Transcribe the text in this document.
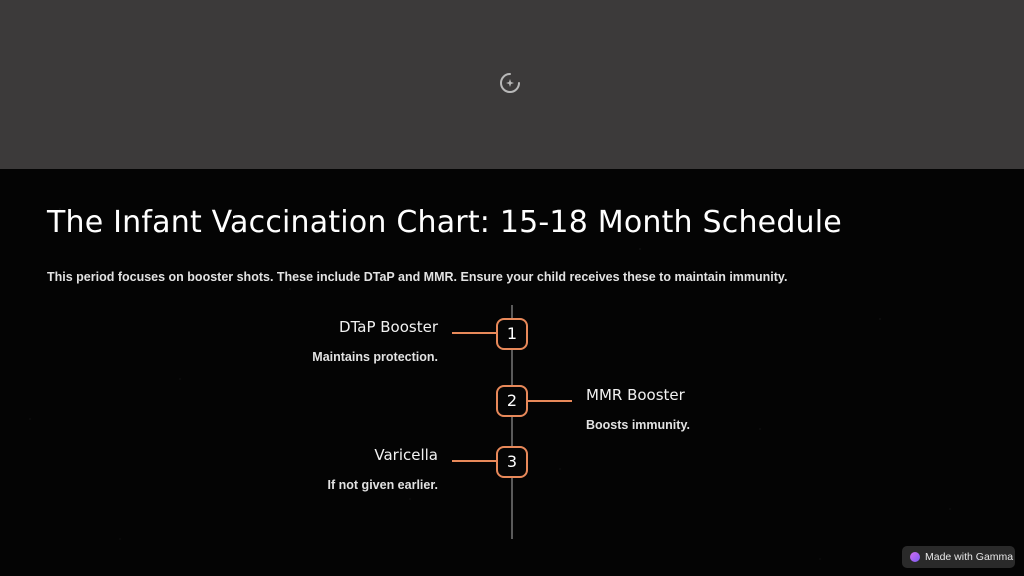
The Infant Vaccination Chart: 15-18 Month Schedule

This period focuses on booster shots. These include DTaP and MMR. Ensure your child receives these to maintain immunity.

DTaP Booster

Maintains protection.

1
2	MMR Booster

Boosts immunity.

Varicella

If not given earlier.

3
Made with Gamma
